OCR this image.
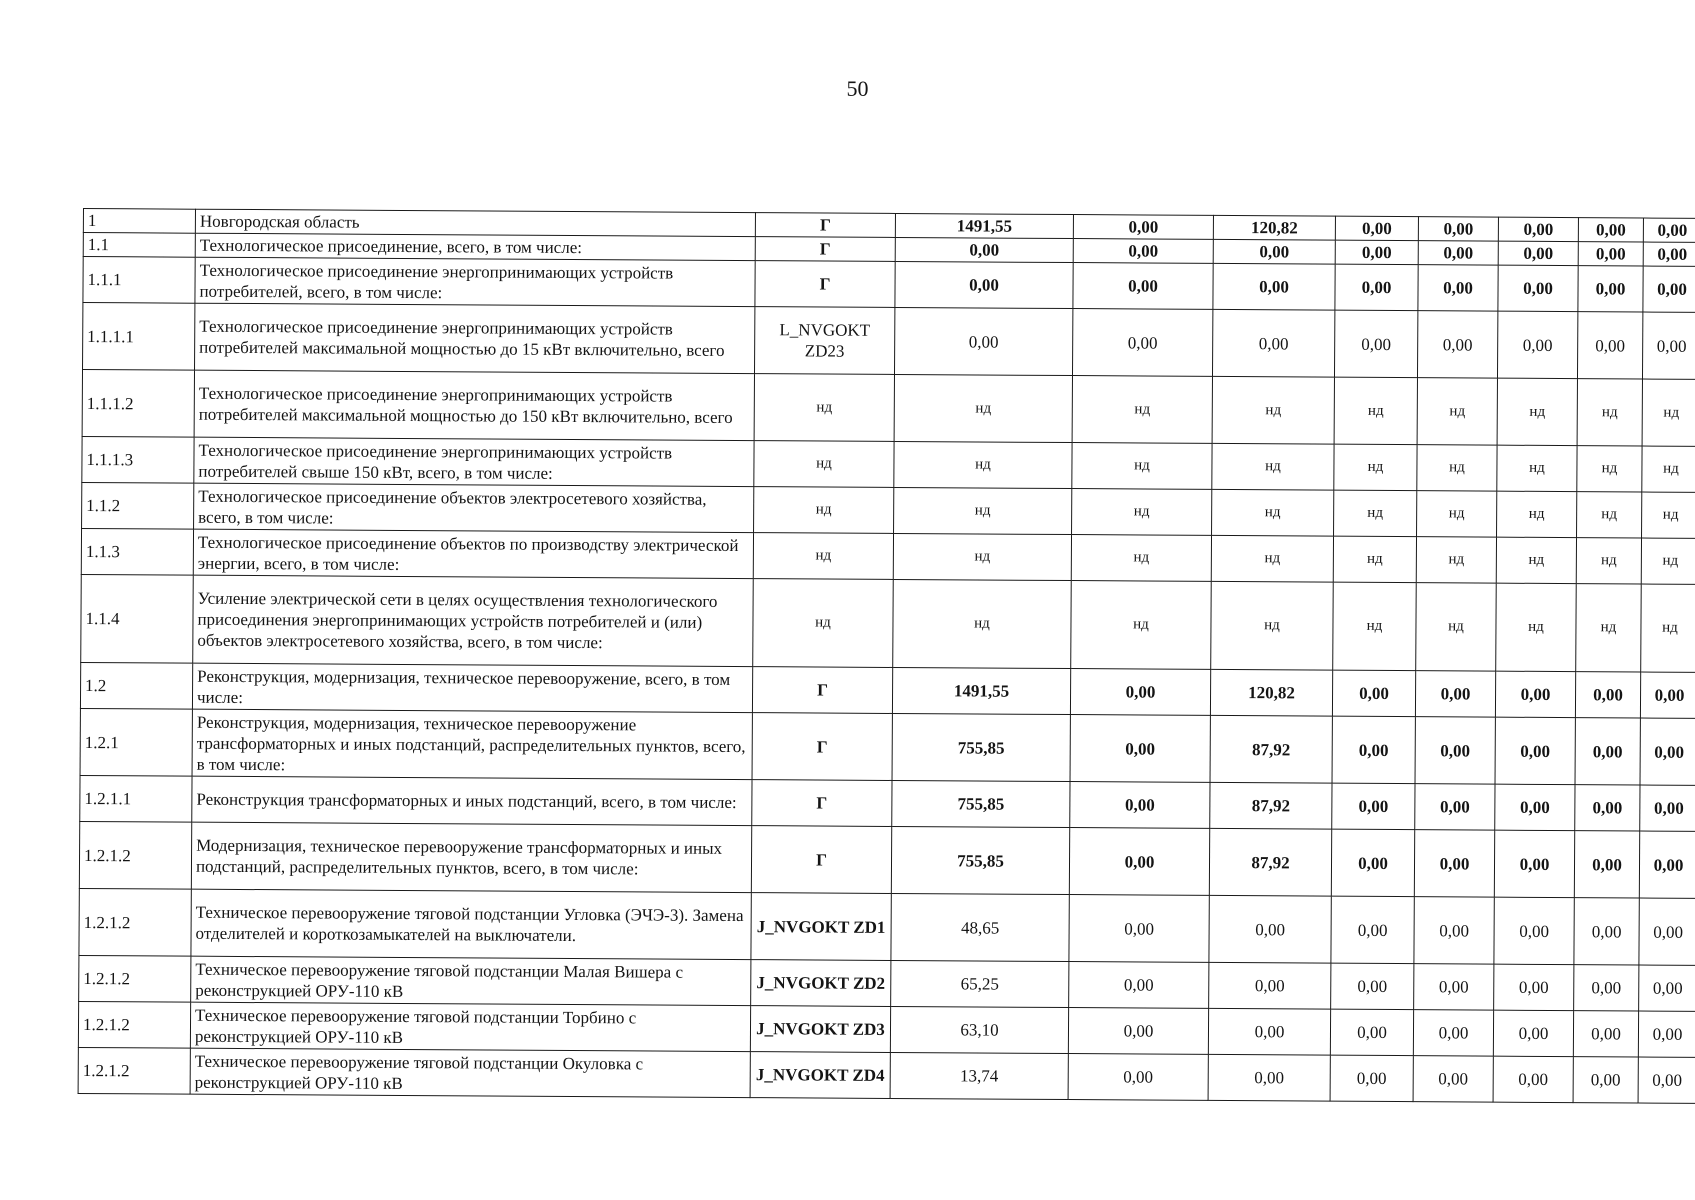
50
1	Новгородская область	Г	1491,55	0,00	120,82	0,00	0,00	0,00	0,00	0,00
1.1	Технологическое присоединение, всего, в том числе:	Г	0,00	0,00	0,00	0,00	0,00	0,00	0,00	0,00
1.1.1	Технологическое присоединение энергопринимающих устройств потребителей, всего, в том числе:	Г	0,00	0,00	0,00	0,00	0,00	0,00	0,00	0,00
1.1.1.1	Технологическое присоединение энергопринимающих устройств потребителей максимальной мощностью до 15 кВт включительно, всего	L_NVGOKT ZD23	0,00	0,00	0,00	0,00	0,00	0,00	0,00	0,00
1.1.1.2	Технологическое присоединение энергопринимающих устройств потребителей максимальной мощностью до 150 кВт включительно, всего	нд	нд	нд	нд	нд	нд	нд	нд	нд
1.1.1.3	Технологическое присоединение энергопринимающих устройств потребителей свыше 150 кВт, всего, в том числе:	нд	нд	нд	нд	нд	нд	нд	нд	нд
1.1.2	Технологическое присоединение объектов электросетевого хозяйства, всего, в том числе:	нд	нд	нд	нд	нд	нд	нд	нд	нд
1.1.3	Технологическое присоединение объектов по производству электрической энергии, всего, в том числе:	нд	нд	нд	нд	нд	нд	нд	нд	нд
1.1.4	Усиление электрической сети в целях осуществления технологического присоединения энергопринимающих устройств потребителей и (или) объектов электросетевого хозяйства, всего, в том числе:	нд	нд	нд	нд	нд	нд	нд	нд	нд
1.2	Реконструкция, модернизация, техническое перевооружение, всего, в том числе:	Г	1491,55	0,00	120,82	0,00	0,00	0,00	0,00	0,00
1.2.1	Реконструкция, модернизация, техническое перевооружение трансформаторных и иных подстанций, распределительных пунктов, всего, в том числе:	Г	755,85	0,00	87,92	0,00	0,00	0,00	0,00	0,00
1.2.1.1	Реконструкция трансформаторных и иных подстанций, всего, в том числе:	Г	755,85	0,00	87,92	0,00	0,00	0,00	0,00	0,00
1.2.1.2	Модернизация, техническое перевооружение трансформаторных и иных подстанций, распределительных пунктов, всего, в том числе:	Г	755,85	0,00	87,92	0,00	0,00	0,00	0,00	0,00
1.2.1.2	Техническое перевооружение тяговой подстанции Угловка (ЭЧЭ-3). Замена отделителей и короткозамыкателей на выключатели.	J_NVGOKT ZD1	48,65	0,00	0,00	0,00	0,00	0,00	0,00	0,00
1.2.1.2	Техническое перевооружение тяговой подстанции Малая Вишера с реконструкцией ОРУ-110 кВ	J_NVGOKT ZD2	65,25	0,00	0,00	0,00	0,00	0,00	0,00	0,00
1.2.1.2	Техническое перевооружение тяговой подстанции Торбино с реконструкцией ОРУ-110 кВ	J_NVGOKT ZD3	63,10	0,00	0,00	0,00	0,00	0,00	0,00	0,00
1.2.1.2	Техническое перевооружение тяговой подстанции Окуловка с реконструкцией ОРУ-110 кВ	J_NVGOKT ZD4	13,74	0,00	0,00	0,00	0,00	0,00	0,00	0,00
